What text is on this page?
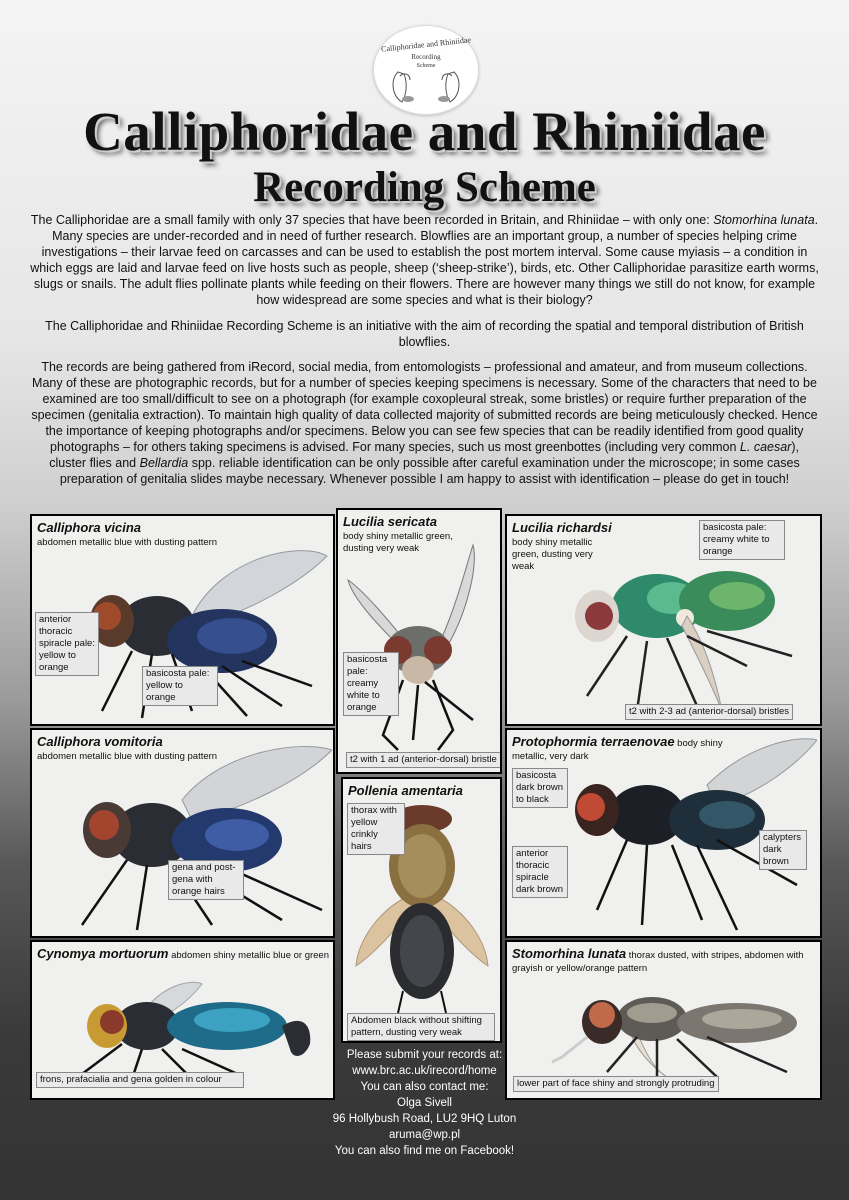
Calliphoridae and Rhiniidae
Recording
Scheme
Calliphoridae and Rhiniidae
Recording Scheme

The Calliphoridae are a small family with only 37 species that have been recorded in Britain, and Rhiniidae – with only one: Stomorhina lunata. Many species are under-recorded and in need of further research. Blowflies are an important group, a number of species helping crime investigations – their larvae feed on carcasses and can be used to establish the post mortem interval. Some cause myiasis – a condition in which eggs are laid and larvae feed on live hosts such as people, sheep (‘sheep-strike’), birds, etc. Other Calliphoridae parasitize earth worms, slugs or snails. The adult flies pollinate plants while feeding on their flowers. There are however many things we still do not know, for example how widespread are some species and what is their biology?

The Calliphoridae and Rhiniidae Recording Scheme is an initiative with the aim of recording the spatial and temporal distribution of British blowflies.

The records are being gathered from iRecord, social media, from entomologists – professional and amateur, and from museum collections. Many of these are photographic records, but for a number of species keeping specimens is necessary. Some of the characters that need to be examined are too small/difficult to see on a photograph (for example coxopleural streak, some bristles) or require further preparation of the specimen (genitalia extraction). To maintain high quality of data collected majority of submitted records are being meticulously checked. Hence the importance of keeping photographs and/or specimens. Below you can see few species that can be readily identified from good quality photographs – for others taking specimens is advised. For many species, such us most greenbottes (including very common L. caesar), cluster flies and Bellardia spp. reliable identification can be only possible after careful examination under the microscope; in some cases preparation of genitalia slides maybe necessary. Whenever possible I am happy to assist with identification – please do get in touch!

Calliphora vicina
abdomen metallic blue with dusting pattern
anterior thoracic spiracle pale: yellow to orange
basicosta pale: yellow to orange
Lucilia sericata
body shiny metallic green, dusting very weak
basicosta pale: creamy white to orange
t2 with 1 ad (anterior-dorsal) bristle
Lucilia richardsi
body shiny metallic green, dusting very weak
basicosta pale: creamy white to orange
t2 with 2-3 ad (anterior-dorsal) bristles
Calliphora vomitoria
abdomen metallic blue with dusting pattern
gena and post-gena with orange hairs
Pollenia amentaria
thorax with yellow crinkly hairs
Abdomen black without shifting pattern, dusting very weak
Protophormia terraenovae body shiny
metallic, very dark
basicosta dark brown to black
anterior thoracic spiracle dark brown
calypters dark brown
Cynomya mortuorum abdomen shiny metallic blue or green
frons, prafacialia and gena golden in colour
Stomorhina lunata thorax dusted, with stripes, abdomen with
grayish or yellow/orange pattern
lower part of face shiny and strongly protruding
Please submit your records at:
www.brc.ac.uk/irecord/home
You can also contact me:
Olga Sivell
96 Hollybush Road, LU2 9HQ Luton
aruma@wp.pl
You can also find me on Facebook!
